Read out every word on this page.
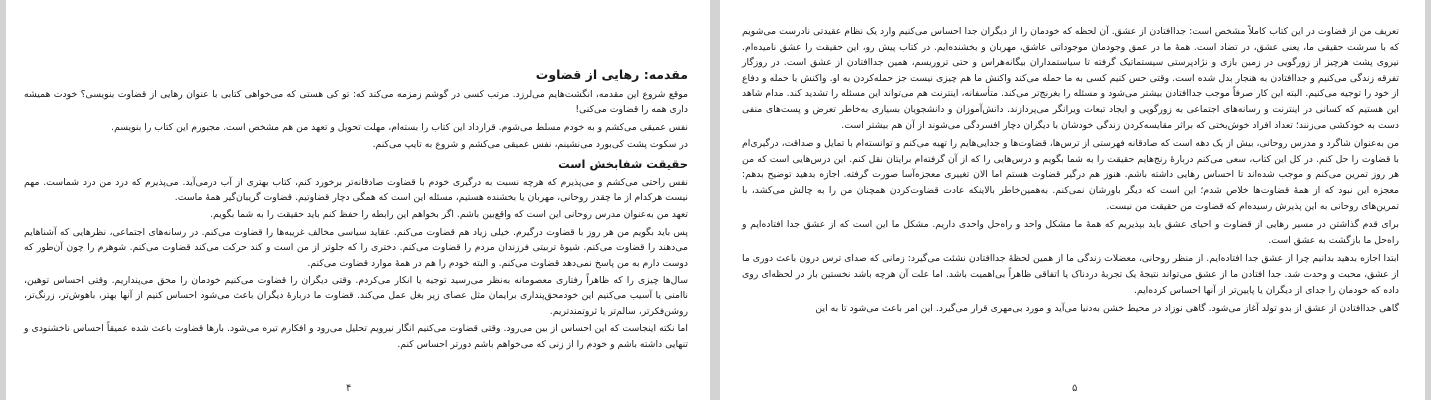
مقدمه: رهایی از قضاوت

موقع شروع این مقدمه، انگشت‌هایم می‌لرزد. مرتب کسی در گوشم زمزمه می‌کند که: تو کی هستی که می‌خواهی کتابی با عنوان رهایی از قضاوت بنویسی؟ خودت همیشه داری همه را قضاوت می‌کنی!

نفس عمیقی می‌کشم و به خودم مسلط می‌شوم. قرارداد این کتاب را بسته‌ام، مهلت تحویل و تعهد من هم مشخص است. مجبورم این کتاب را بنویسم.

در سکوت پشت کی‌بورد می‌نشینم، نفس عمیقی می‌کشم و شروع به تایپ می‌کنم.

حقیقت شفابخش است

نفس راحتی می‌کشم و می‌پذیرم که هرچه نسبت به درگیری خودم با قضاوت صادقانه‌تر برخورد کنم، کتاب بهتری از آب درمی‌آید. می‌پذیرم که درد من درد شماست. مهم نیست هرکدام از ما چقدر روحانی، مهربان یا بخشنده هستیم، مسئله این است که همگی دچار قضاوتیم. قضاوت گریبان‌گیر همهٔ ماست.

تعهد من به‌عنوان مدرس روحانی این است که واقع‌بین باشم. اگر بخواهم این رابطه را حفظ کنم باید حقیقت را به شما بگویم.

پس باید بگویم من هر روز با قضاوت درگیرم. خیلی زیاد هم قضاوت می‌کنم. عقاید سیاسی مخالف غریبه‌ها را قضاوت می‌کنم. در رسانه‌های اجتماعی، نظرهایی که آشناهایم می‌دهند را قضاوت می‌کنم. شیوهٔ تربیتی فرزندان مردم را قضاوت می‌کنم. دختری را که جلوتر از من است و کند حرکت می‌کند قضاوت می‌کنم. شوهرم را چون آن‌طور که دوست دارم به من پاسخ نمی‌دهد قضاوت می‌کنم. و البته خودم را هم در همهٔ موارد قضاوت می‌کنم.

سال‌ها چیزی را که ظاهراً رفتاری معصومانه به‌نظر می‌رسید توجیه یا انکار می‌کردم. وقتی دیگران را قضاوت می‌کنیم خودمان را محق می‌پنداریم. وقتی احساس توهین، ناامنی یا آسیب می‌کنیم این خودمحق‌پنداری برایمان مثل عصای زیر بغل عمل می‌کند. قضاوت ما دربارهٔ دیگران باعث می‌شود احساس کنیم از آنها بهتر، باهوش‌تر، زرنگ‌تر، روشن‌فکرتر، سالم‌تر یا ثروتمندتریم.

اما نکته اینجاست که این احساس از بین می‌رود. وقتی قضاوت می‌کنیم انگار نیرویم تحلیل می‌رود و افکارم تیره می‌شود. بارها قضاوت باعث شده عمیقاً احساس ناخشنودی و تنهایی داشته باشم و خودم را از زنی که می‌خواهم باشم دورتر احساس کنم.

۴

تعریف من از قضاوت در این کتاب کاملاً مشخص است: جداافتادن از عشق. آن لحظه که خودمان را از دیگران جدا احساس می‌کنیم وارد یک نظام عقیدتی نادرست می‌شویم که با سرشت حقیقی ما، یعنی عشق، در تضاد است. همهٔ ما در عمق وجودمان موجوداتی عاشق، مهربان و بخشنده‌ایم. در کتاب پیش رو، این حقیقت را عشق نامیده‌ام. نیروی پشت هرچیز از زورگویی در زمین بازی و نژادپرستی سیستماتیک گرفته تا سیاستمداران بیگانه‌هراس و حتی تروریسم، همین جداافتادن از عشق است. در روزگار تفرقه زندگی می‌کنیم و جداافتادن به هنجار بدل شده است. وقتی حس کنیم کسی به ما حمله می‌کند واکنش ما هم چیزی نیست جز حمله‌کردن به او. واکنش با حمله و دفاع از خود را توجیه می‌کنیم. البته این کار صرفاً موجب جداافتادن بیشتر می‌شود و مسئله را بغرنج‌تر می‌کند. متأسفانه، اینترنت هم می‌تواند این مسئله را تشدید کند. مدام شاهد این هستیم که کسانی در اینترنت و رسانه‌های اجتماعی به زورگویی و ایجاد تبعات ویرانگر می‌پردازند. دانش‌آموزان و دانشجویان بسیاری به‌خاطر تعرض و پست‌های منفی دست به خودکشی می‌زنند؛ تعداد افراد خوش‌بختی که براثر مقایسه‌کردن زندگی خودشان با دیگران دچار افسردگی می‌شوند از آن هم بیشتر است.

من به‌عنوان شاگرد و مدرس روحانی، بیش از یک دهه است که صادقانه فهرستی از ترس‌ها، قضاوت‌ها و جدایی‌هایم را تهیه می‌کنم و توانسته‌ام با تمایل و صداقت، درگیری‌ام با قضاوت را حل کنم. در کل این کتاب، سعی می‌کنم دربارهٔ رنج‌هایم حقیقت را به شما بگویم و درس‌هایی را که از آن گرفته‌ام برایتان نقل کنم. این درس‌هایی است که من هر روز تمرین می‌کنم و موجب شده‌اند تا احساس رهایی داشته باشم. هنوز هم درگیر قضاوت هستم اما الان تغییری معجزه‌آسا صورت گرفته. اجازه بدهید توضیح بدهم: معجزه این نبود که از همهٔ قضاوت‌ها خلاص شدم؛ این است که دیگر باورشان نمی‌کنم. به‌همین‌خاطر بالاینکه عادت قضاوت‌کردن همچنان من را به چالش می‌کشد، با تمرین‌های روحانی به این پذیرش رسیده‌ام که قضاوت من حقیقت من نیست.

برای قدم گذاشتن در مسیر رهایی از قضاوت و احیای عشق باید بپذیریم که همهٔ ما مشکل واحد و راه‌حل واحدی داریم. مشکل ما این است که از عشق جدا افتاده‌ایم و راه‌حل ما بازگشت به عشق است.

ابتدا اجازه بدهید بدانیم چرا از عشق جدا افتاده‌ایم. از منظر روحانی، معضلات زندگی ما از همین لحظهٔ جداافتادن نشئت می‌گیرد: زمانی که صدای ترس درون باعث دوری ما از عشق، محبت و وحدت شد. جدا افتادن ما از عشق می‌تواند نتیجهٔ یک تجربهٔ دردناک یا اتفاقی ظاهراً بی‌اهمیت باشد. اما علت آن هرچه باشد نخستین بار در لحظه‌ای روی داده که خودمان را جدای از دیگران یا پایین‌تر از آنها احساس کرده‌ایم.

گاهی جداافتادن از عشق از بدو تولد آغاز می‌شود. گاهی نوزاد در محیط خشن به‌دنیا می‌آید و مورد بی‌مهری قرار می‌گیرد. این امر باعث می‌شود تا به این

۵
